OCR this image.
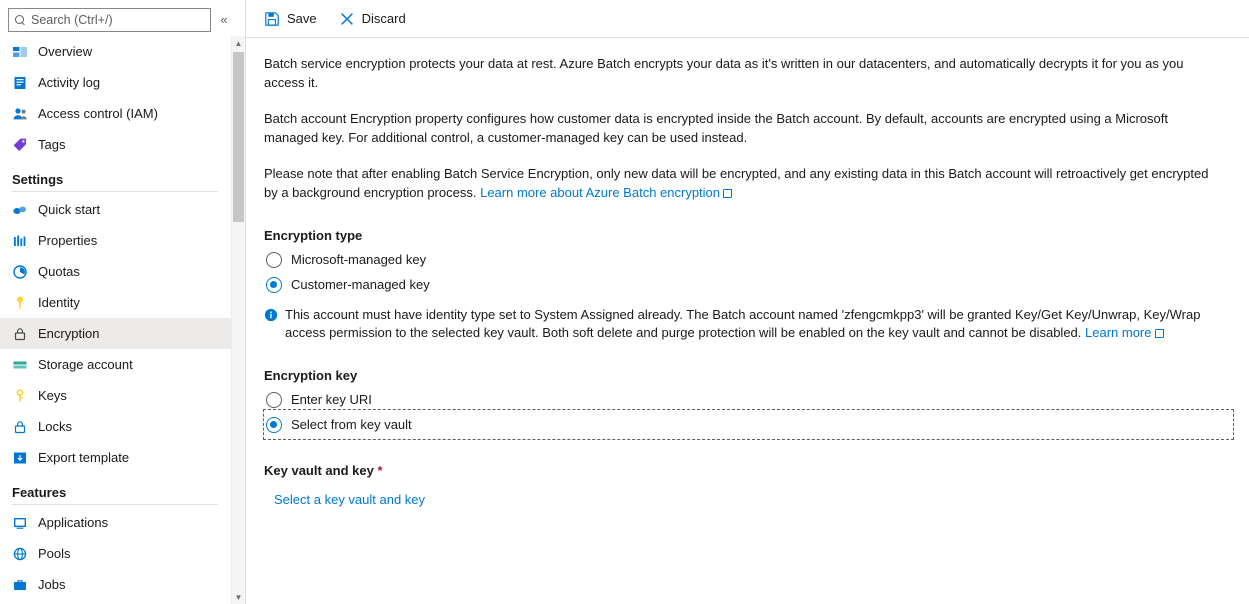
Search (Ctrl+/)	«
Overview
Activity log
Access control (IAM)
Tags
Settings
Quick start
Properties
Quotas
Identity
Encryption
Storage account
Keys
Locks
Export template
Features
Applications
Pools
Jobs
▲
▼
Save	Discard

Batch service encryption protects your data at rest. Azure Batch encrypts your data as it's written in our datacenters, and automatically decrypts it for you as you access it.

Batch account Encryption property configures how customer data is encrypted inside the Batch account. By default, accounts are encrypted using a Microsoft managed key. For additional control, a customer-managed key can be used instead.

Please note that after enabling Batch Service Encryption, only new data will be encrypted, and any existing data in this Batch account will retroactively get encrypted by a background encryption process. Learn more about Azure Batch encryption

Encryption type
Microsoft-managed key
Customer-managed key
This account must have identity type set to System Assigned already. The Batch account named 'zfengcmkpp3' will be granted Key/Get Key/Unwrap, Key/Wrap access permission to the selected key vault. Both soft delete and purge protection will be enabled on the key vault and cannot be disabled. Learn more
Encryption key
Enter key URI
Select from key vault
Key vault and key *
Select a key vault and key
